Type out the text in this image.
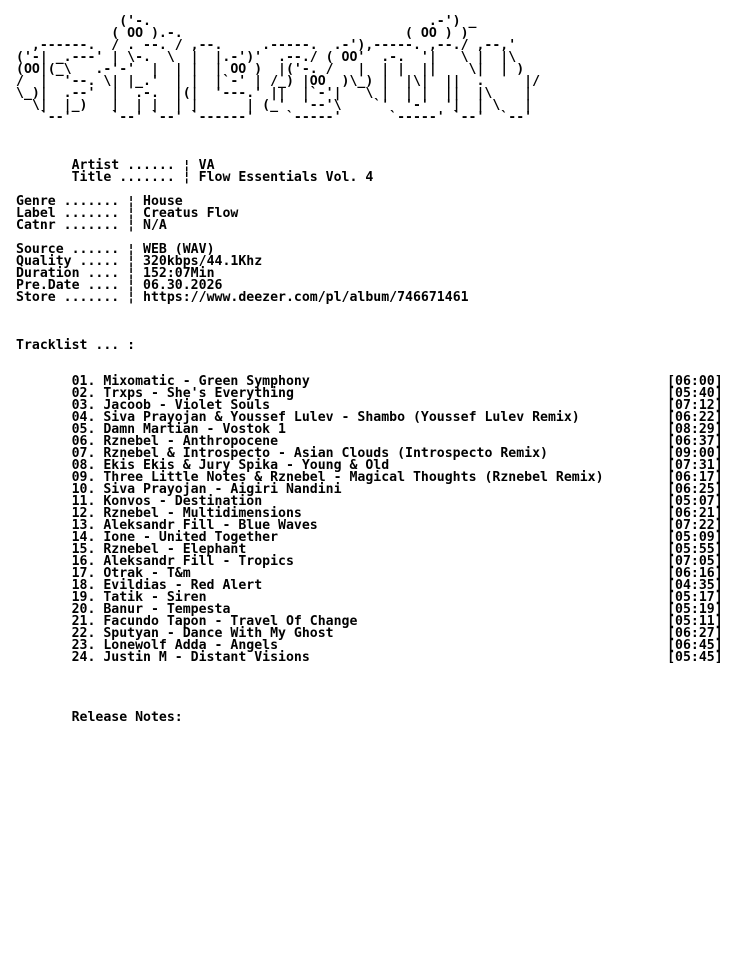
('-.                                   .-') _
( OO ).-.                            ( OO ) )
,------.  / . --. / ,--.     .-----.  .-'),-----. ,--./ ,--,'
('-| _.---' | \-.  \  |  |.-')'  .--./ ( OO'  .-.  '|   \ |  |\
(OO|(_\   .-'-'  |  | |  | OO )  |('-. /   |  | |  ||    \|  | )
/  |  '--. \| |_.'  | |  |`-' | /_) |OO  )\_) |  |\|  ||  .     |/
\_)|  .--'  |  .-.  |(|  '---.' ||  |`-'|   \ |  | |  ||  |\    |
\|  |_)   |  | |  | |      | (_'  '--'\    `'  '-'  '|  | \   |
`--'     `--' `--' `------'    `-----'      `-----' `--'  `--'

Artist ...... ¦ VA
Title ....... ¦ Flow Essentials Vol. 4

Genre ....... ¦ House
Label ....... ¦ Creatus Flow
Catnr ....... ¦ N/A

Source ...... ¦ WEB (WAV)
Quality ..... ¦ 320kbps/44.1Khz
Duration .... ¦ 152:07Min
Pre.Date .... ¦ 06.30.2026
Store ....... ¦ https://www.deezer.com/pl/album/746671461

Tracklist ... :

01. Mixomatic - Green Symphony                                             [06:00]
02. Trxps - She's Everything                                               [05:40]
03. Jacoob - Violet Souls                                                  [07:12]
04. Siva Prayojan & Youssef Lulev - Shambo (Youssef Lulev Remix)           [06:22]
05. Damn Martian - Vostok 1                                                [08:29]
06. Rznebel - Anthropocene                                                 [06:37]
07. Rznebel & Introspecto - Asian Clouds (Introspecto Remix)               [09:00]
08. Ekis Ekis & Jury Spika - Young & Old                                   [07:31]
09. Three Little Notes & Rznebel - Magical Thoughts (Rznebel Remix)        [06:17]
10. Siva Prayojan - Aigiri Nandini                                         [06:25]
11. Konvos - Destination                                                   [05:07]
12. Rznebel - Multidimensions                                              [06:21]
13. Aleksandr Fill - Blue Waves                                            [07:22]
14. Ione - United Together                                                 [05:09]
15. Rznebel - Elephant                                                     [05:55]
16. Aleksandr Fill - Tropics                                               [07:05]
17. Otrak - T&m                                                            [06:16]
18. Evildias - Red Alert                                                   [04:35]
19. Tatik - Siren                                                          [05:17]
20. Banur - Tempesta                                                       [05:19]
21. Facundo Tapon - Travel Of Change                                       [05:11]
22. Sputyan - Dance With My Ghost                                          [06:27]
23. Lonewolf Adda - Angels                                                 [06:45]
24. Justin M - Distant Visions                                             [05:45]

Release Notes:
